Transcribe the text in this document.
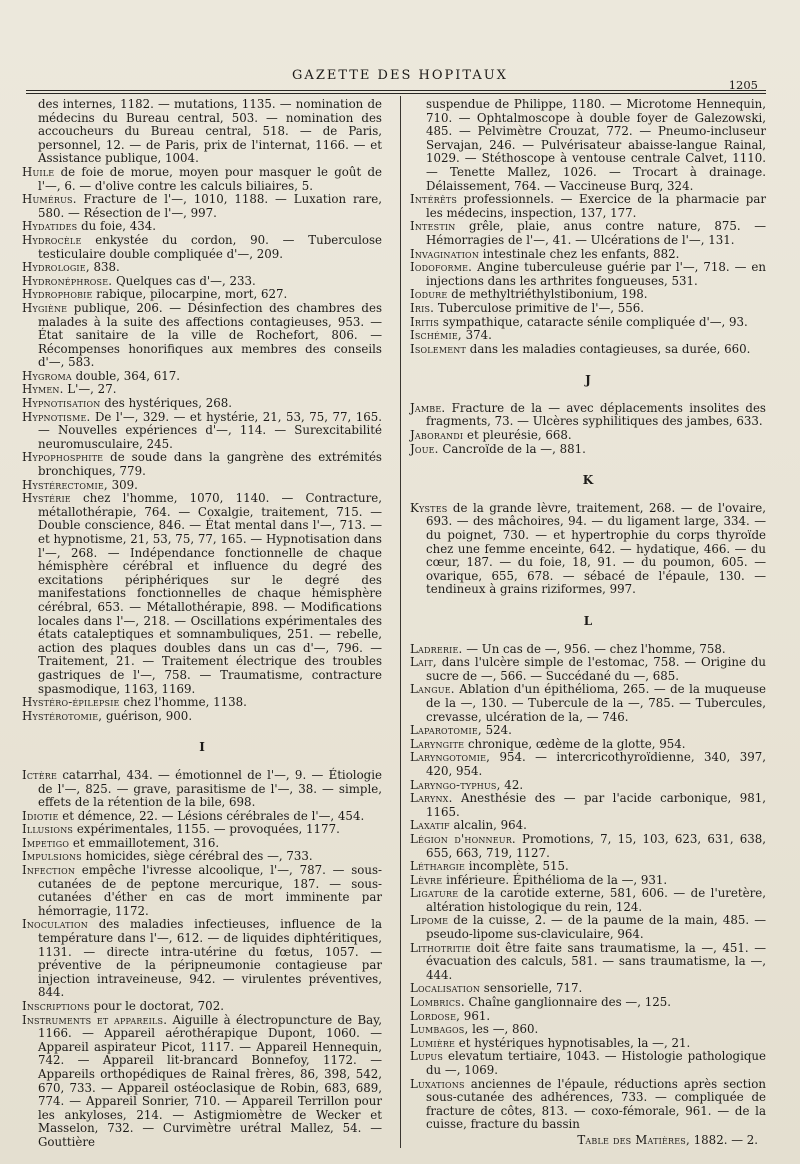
GAZETTE DES HOPITAUX
1205

des internes, 1182. — mutations, 1135. — nomination de médecins du Bureau central, 503. — nomination des accoucheurs du Bureau central, 518. — de Paris, personnel, 12. — de Paris, prix de l'internat, 1166. — et Assistance publique, 1004.

Huile de foie de morue, moyen pour masquer le goût de l'—, 6. — d'olive contre les calculs biliaires, 5.

Humérus. Fracture de l'—, 1010, 1188. — Luxation rare, 580. — Résection de l'—, 997.

Hydatides du foie, 434.

Hydrocèle enkystée du cordon, 90. — Tuberculose testiculaire double compliquée d'—, 209.

Hydrologie, 838.

Hydronéphrose. Quelques cas d'—, 233.

Hydrophobie rabique, pilocarpine, mort, 627.

Hygiène publique, 206. — Désinfection des chambres des malades à la suite des affections contagieuses, 953. — État sanitaire de la ville de Rochefort, 806. — Récompenses honorifiques aux membres des conseils d'—, 583.

Hygroma double, 364, 617.

Hymen. L'—, 27.

Hypnotisation des hystériques, 268.

Hypnotisme. De l'—, 329. — et hystérie, 21, 53, 75, 77, 165. — Nouvelles expériences d'—, 114. — Surexcitabilité neuromusculaire, 245.

Hypophosphite de soude dans la gangrène des extrémités bronchiques, 779.

Hystérectomie, 309.

Hystérie chez l'homme, 1070, 1140. — Contracture, métallothérapie, 764. — Coxalgie, traitement, 715. — Double conscience, 846. — État mental dans l'—, 713. — et hypnotisme, 21, 53, 75, 77, 165. — Hypnotisation dans l'—, 268. — Indépendance fonctionnelle de chaque hémisphère cérébral et influence du degré des excitations périphériques sur le degré des manifestations fonctionnelles de chaque hémisphère cérébral, 653. — Métallothérapie, 898. — Modifications locales dans l'—, 218. — Oscillations expérimentales des états cataleptiques et somnambuliques, 251. — rebelle, action des plaques doubles dans un cas d'—, 796. — Traitement, 21. — Traitement électrique des troubles gastriques de l'—, 758. — Traumatisme, contracture spasmodique, 1163, 1169.

Hystéro-épilepsie chez l'homme, 1138.

Hystérotomie, guérison, 900.

I

Ictère catarrhal, 434. — émotionnel de l'—, 9. — Étiologie de l'—, 825. — grave, parasitisme de l'—, 38. — simple, effets de la rétention de la bile, 698.

Idiotie et démence, 22. — Lésions cérébrales de l'—, 454.

Illusions expérimentales, 1155. — provoquées, 1177.

Impetigo et emmaillotement, 316.

Impulsions homicides, siège cérébral des —, 733.

Infection empêche l'ivresse alcoolique, l'—, 787. — sous-cutanées de de peptone mercurique, 187. — sous-cutanées d'éther en cas de mort imminente par hémorragie, 1172.

Inoculation des maladies infectieuses, influence de la température dans l'—, 612. — de liquides diphtéritiques, 1131. — directe intra-utérine du fœtus, 1057. — préventive de la péripneumonie contagieuse par injection intraveineuse, 942. — virulentes préventives, 844.

Inscriptions pour le doctorat, 702.

Instruments et appareils. Aiguille à électropuncture de Bay, 1166. — Appareil aérothérapique Dupont, 1060. — Appareil aspirateur Picot, 1117. — Appareil Hennequin, 742. — Appareil lit-brancard Bonnefoy, 1172. — Appareils orthopédiques de Rainal frères, 86, 398, 542, 670, 733. — Appareil ostéoclasique de Robin, 683, 689, 774. — Appareil Sonrier, 710. — Appareil Terrillon pour les ankyloses, 214. — Astigmiomètre de Wecker et Masselon, 732. — Curvimètre urétral Mallez, 54. — Gouttière

suspendue de Philippe, 1180. — Microtome Hennequin, 710. — Ophtalmoscope à double foyer de Galezowski, 485. — Pelvimètre Crouzat, 772. — Pneumo-incluseur Servajan, 246. — Pulvérisateur abaisse-langue Rainal, 1029. — Stéthoscope à ventouse centrale Calvet, 1110. — Tenette Mallez, 1026. — Trocart à drainage. Délaissement, 764. — Vaccineuse Burq, 324.

Intérêts professionnels. — Exercice de la pharmacie par les médecins, inspection, 137, 177.

Intestin grêle, plaie, anus contre nature, 875. — Hémorragies de l'—, 41. — Ulcérations de l'—, 131.

Invagination intestinale chez les enfants, 882.

Iodoforme. Angine tuberculeuse guérie par l'—, 718. — en injections dans les arthrites fongueuses, 531.

Iodure de methyltriéthylstibonium, 198.

Iris. Tuberculose primitive de l'—, 556.

Iritis sympathique, cataracte sénile compliquée d'—, 93.

Ischémie, 374.

Isolement dans les maladies contagieuses, sa durée, 660.

J

Jambe. Fracture de la — avec déplacements insolites des fragments, 73. — Ulcères syphilitiques des jambes, 633.

Jaborandi et pleurésie, 668.

Joue. Cancroïde de la —, 881.

K

Kystes de la grande lèvre, traitement, 268. — de l'ovaire, 693. — des mâchoires, 94. — du ligament large, 334. — du poignet, 730. — et hypertrophie du corps thyroïde chez une femme enceinte, 642. — hydatique, 466. — du cœur, 187. — du foie, 18, 91. — du poumon, 605. — ovarique, 655, 678. — sébacé de l'épaule, 130. — tendineux à grains riziformes, 997.

L

Ladrerie. — Un cas de —, 956. — chez l'homme, 758.

Lait, dans l'ulcère simple de l'estomac, 758. — Origine du sucre de —, 566. — Succédané du —, 685.

Langue. Ablation d'un épithélioma, 265. — de la muqueuse de la —, 130. — Tubercule de la —, 785. — Tubercules, crevasse, ulcération de la, — 746.

Laparotomie, 524.

Laryngite chronique, œdème de la glotte, 954.

Laryngotomie, 954. — intercricothyroïdienne, 340, 397, 420, 954.

Laryngo-typhus, 42.

Larynx. Anesthésie des — par l'acide carbonique, 981, 1165.

Laxatif alcalin, 964.

Légion d'honneur. Promotions, 7, 15, 103, 623, 631, 638, 655, 663, 719, 1127.

Léthargie incomplète, 515.

Lèvre inférieure. Épithélioma de la —, 931.

Ligature de la carotide externe, 581, 606. — de l'uretère, altération histologique du rein, 124.

Lipome de la cuisse, 2. — de la paume de la main, 485. — pseudo-lipome sus-claviculaire, 964.

Lithotritie doit être faite sans traumatisme, la —, 451. — évacuation des calculs, 581. — sans traumatisme, la —, 444.

Localisation sensorielle, 717.

Lombrics. Chaîne ganglionnaire des —, 125.

Lordose, 961.

Lumbagos, les —, 860.

Lumière et hystériques hypnotisables, la —, 21.

Lupus elevatum tertiaire, 1043. — Histologie pathologique du —, 1069.

Luxations anciennes de l'épaule, réductions après section sous-cutanée des adhérences, 733. — compliquée de fracture de côtes, 813. — coxo-fémorale, 961. — de la cuisse, fracture du bassin

Table des Matières, 1882. — 2.
